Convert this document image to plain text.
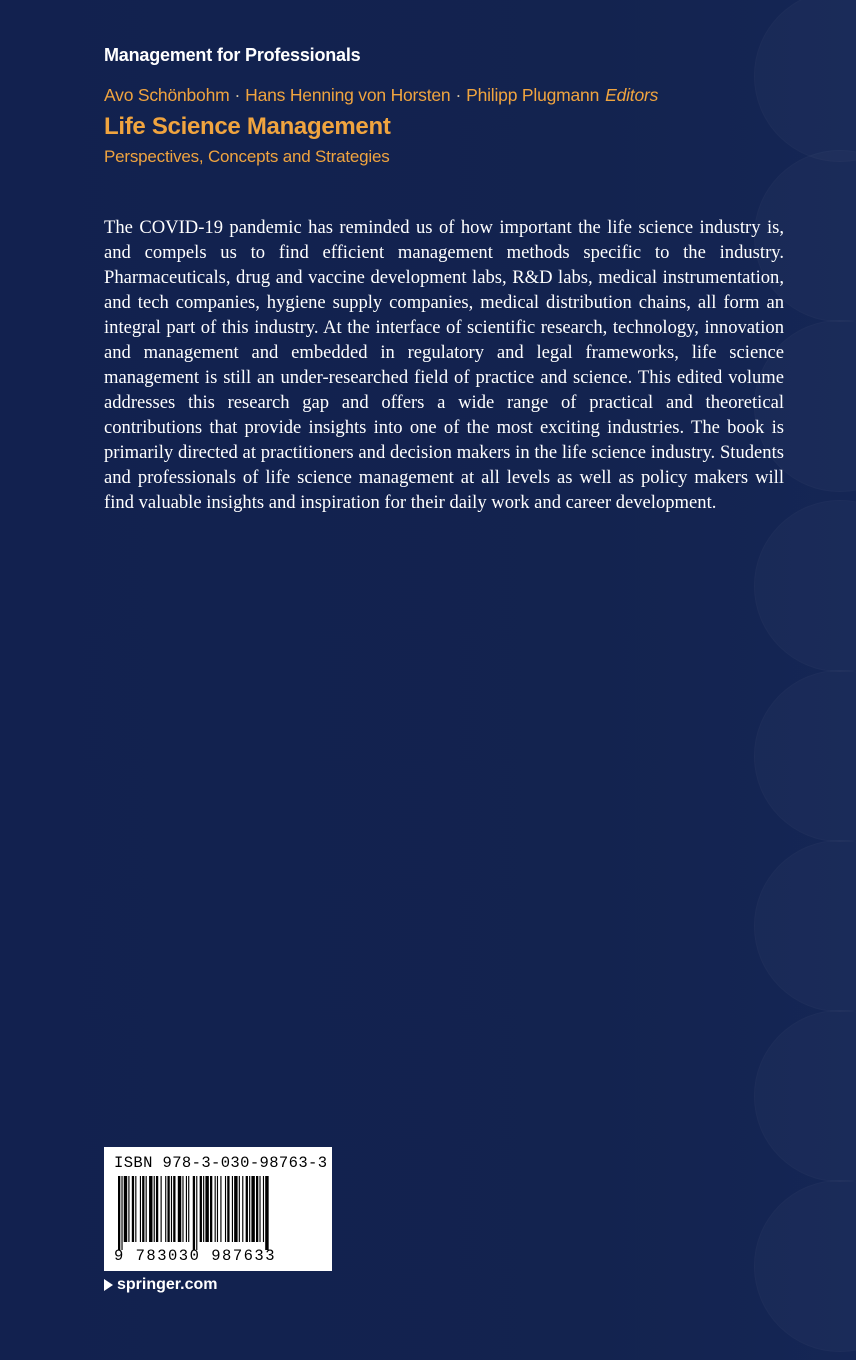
Management for Professionals
Avo Schönbohm · Hans Henning von Horsten · Philipp Plugmann Editors
Life Science Management
Perspectives, Concepts and Strategies

The COVID-19 pandemic has reminded us of how important the life science industry is, and compels us to find efficient management methods specific to the industry. Pharmaceuticals, drug and vaccine development labs, R&D labs, medical instrumentation, and tech companies, hygiene supply companies, medical distribution chains, all form an integral part of this industry. At the interface of scientific research, technology, innovation and management and embedded in regulatory and legal frameworks, life science management is still an under-researched field of practice and science. This edited volume addresses this research gap and offers a wide range of practical and theoretical contributions that provide insights into one of the most exciting industries. The book is primarily directed at practitioners and decision makers in the life science industry. Students and professionals of life science management at all levels as well as policy makers will find valuable insights and inspiration for their daily work and career development.

ISBN 978-3-030-98763-3
9 783030 987633
springer.com
